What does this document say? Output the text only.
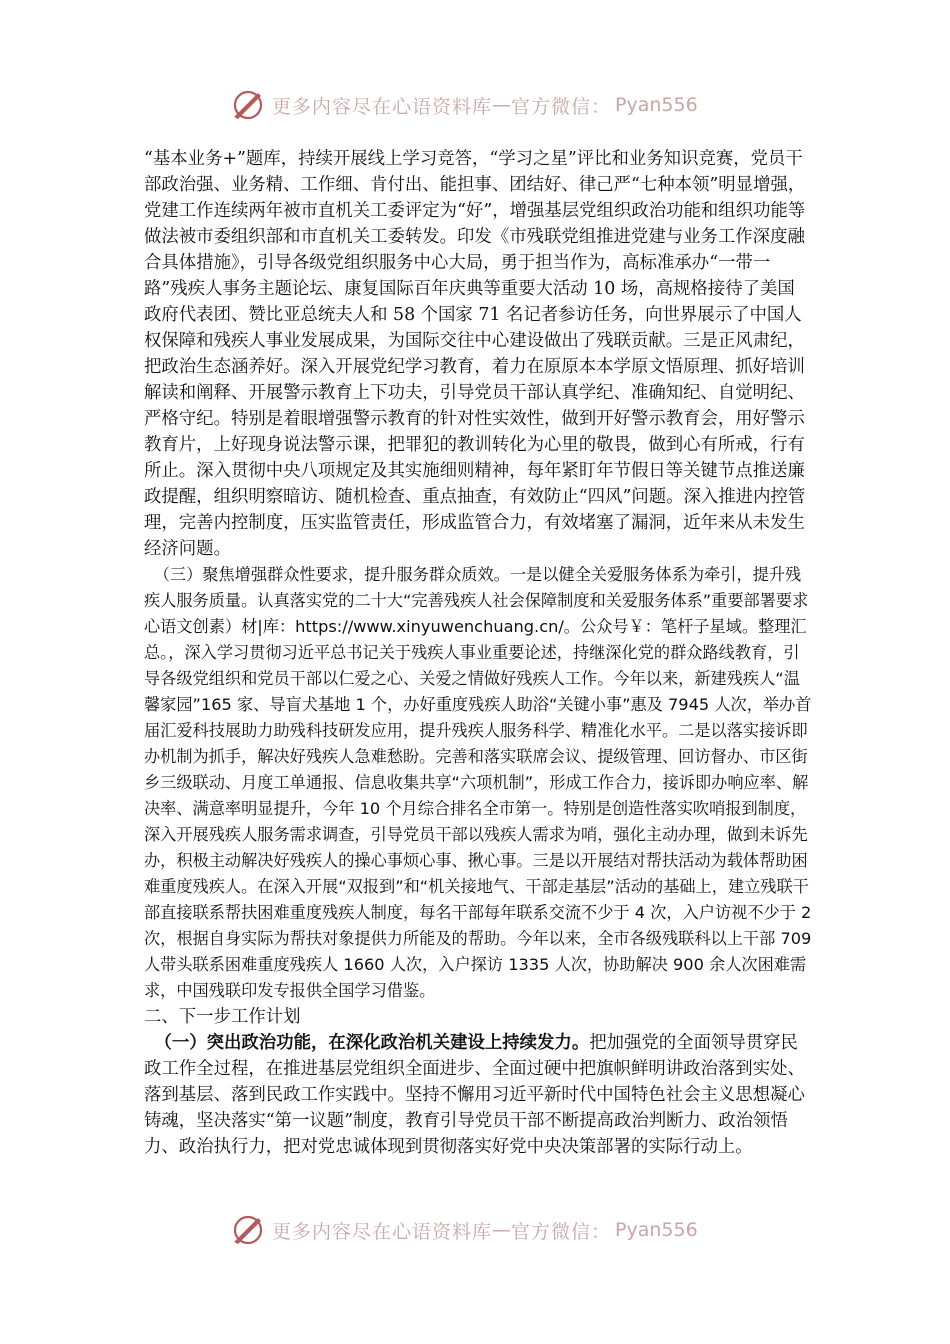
更多内容尽在心语资料库 — 官方微信： Pyan556

“基本业务+”题库，持续开展线上学习竞答，“学习之星”评比和业务知识竞赛，党员干部政治强、业务精、工作细、肯付出、能担事、团结好、律己严“七种本领”明显增强，党建工作连续两年被市直机关工委评定为“好”，增强基层党组织政治功能和组织功能等做法被市委组织部和市直机关工委转发。印发《市残联党组推进党建与业务工作深度融合具体措施》，引导各级党组织服务中心大局，勇于担当作为，高标准承办“一带一路”残疾人事务主题论坛、康复国际百年庆典等重要大活动 10 场，高规格接待了美国政府代表团、赞比亚总统夫人和 58 个国家 71 名记者参访任务，向世界展示了中国人权保障和残疾人事业发展成果，为国际交往中心建设做出了残联贡献。三是正风肃纪，把政治生态涵养好。深入开展党纪学习教育，着力在原原本本学原文悟原理、抓好培训解读和阐释、开展警示教育上下功夫，引导党员干部认真学纪、准确知纪、自觉明纪、严格守纪。特别是着眼增强警示教育的针对性实效性，做到开好警示教育会，用好警示教育片，上好现身说法警示课，把罪犯的教训转化为心里的敬畏，做到心有所戒，行有所止。深入贯彻中央八项规定及其实施细则精神，每年紧盯年节假日等关键节点推送廉政提醒，组织明察暗访、随机检查、重点抽查，有效防止“四风”问题。深入推进内控管理，完善内控制度，压实监管责任，形成监管合力，有效堵塞了漏洞，近年来从未发生经济问题。

（三）聚焦增强群众性要求，提升服务群众质效。一是以健全关爱服务体系为牵引，提升残疾人服务质量。认真落实党的二十大“完善残疾人社会保障制度和关爱服务体系”重要部署要求心语文创素）材|库：https://www.xinyuwenchuang.cn/。公众号￥：笔杆子星域。整理汇总。，深入学习贯彻习近平总书记关于残疾人事业重要论述，持继深化党的群众路线教育，引导各级党组织和党员干部以仁爱之心、关爱之情做好残疾人工作。今年以来，新建残疾人“温馨家园”165 家、导盲犬基地 1 个，办好重度残疾人助浴“关键小事”惠及 7945 人次，举办首届汇爱科技展助力助残科技研发应用，提升残疾人服务科学、精准化水平。二是以落实接诉即办机制为抓手，解决好残疾人急难愁盼。完善和落实联席会议、提级管理、回访督办、市区街乡三级联动、月度工单通报、信息收集共享“六项机制”，形成工作合力，接诉即办响应率、解决率、满意率明显提升，今年 10 个月综合排名全市第一。特别是创造性落实吹哨报到制度，深入开展残疾人服务需求调查，引导党员干部以残疾人需求为哨，强化主动办理，做到未诉先办，积极主动解决好残疾人的操心事烦心事、揪心事。三是以开展结对帮扶活动为载体帮助困难重度残疾人。在深入开展“双报到”和“机关接地气、干部走基层”活动的基础上，建立残联干部直接联系帮扶困难重度残疾人制度，每名干部每年联系交流不少于 4 次，入户访视不少于 2 次，根据自身实际为帮扶对象提供力所能及的帮助。今年以来，全市各级残联科以上干部 709 人带头联系困难重度残疾人 1660 人次，入户探访 1335 人次，协助解决 900 余人次困难需求，中国残联印发专报供全国学习借鉴。

二、下一步工作计划

（一）突出政治功能，在深化政治机关建设上持续发力。把加强党的全面领导贯穿民政工作全过程，在推进基层党组织全面进步、全面过硬中把旗帜鲜明讲政治落到实处、落到基层、落到民政工作实践中。坚持不懈用习近平新时代中国特色社会主义思想凝心铸魂，坚决落实“第一议题”制度，教育引导党员干部不断提高政治判断力、政治领悟力、政治执行力，把对党忠诚体现到贯彻落实好党中央决策部署的实际行动上。

更多内容尽在心语资料库 — 官方微信： Pyan556
